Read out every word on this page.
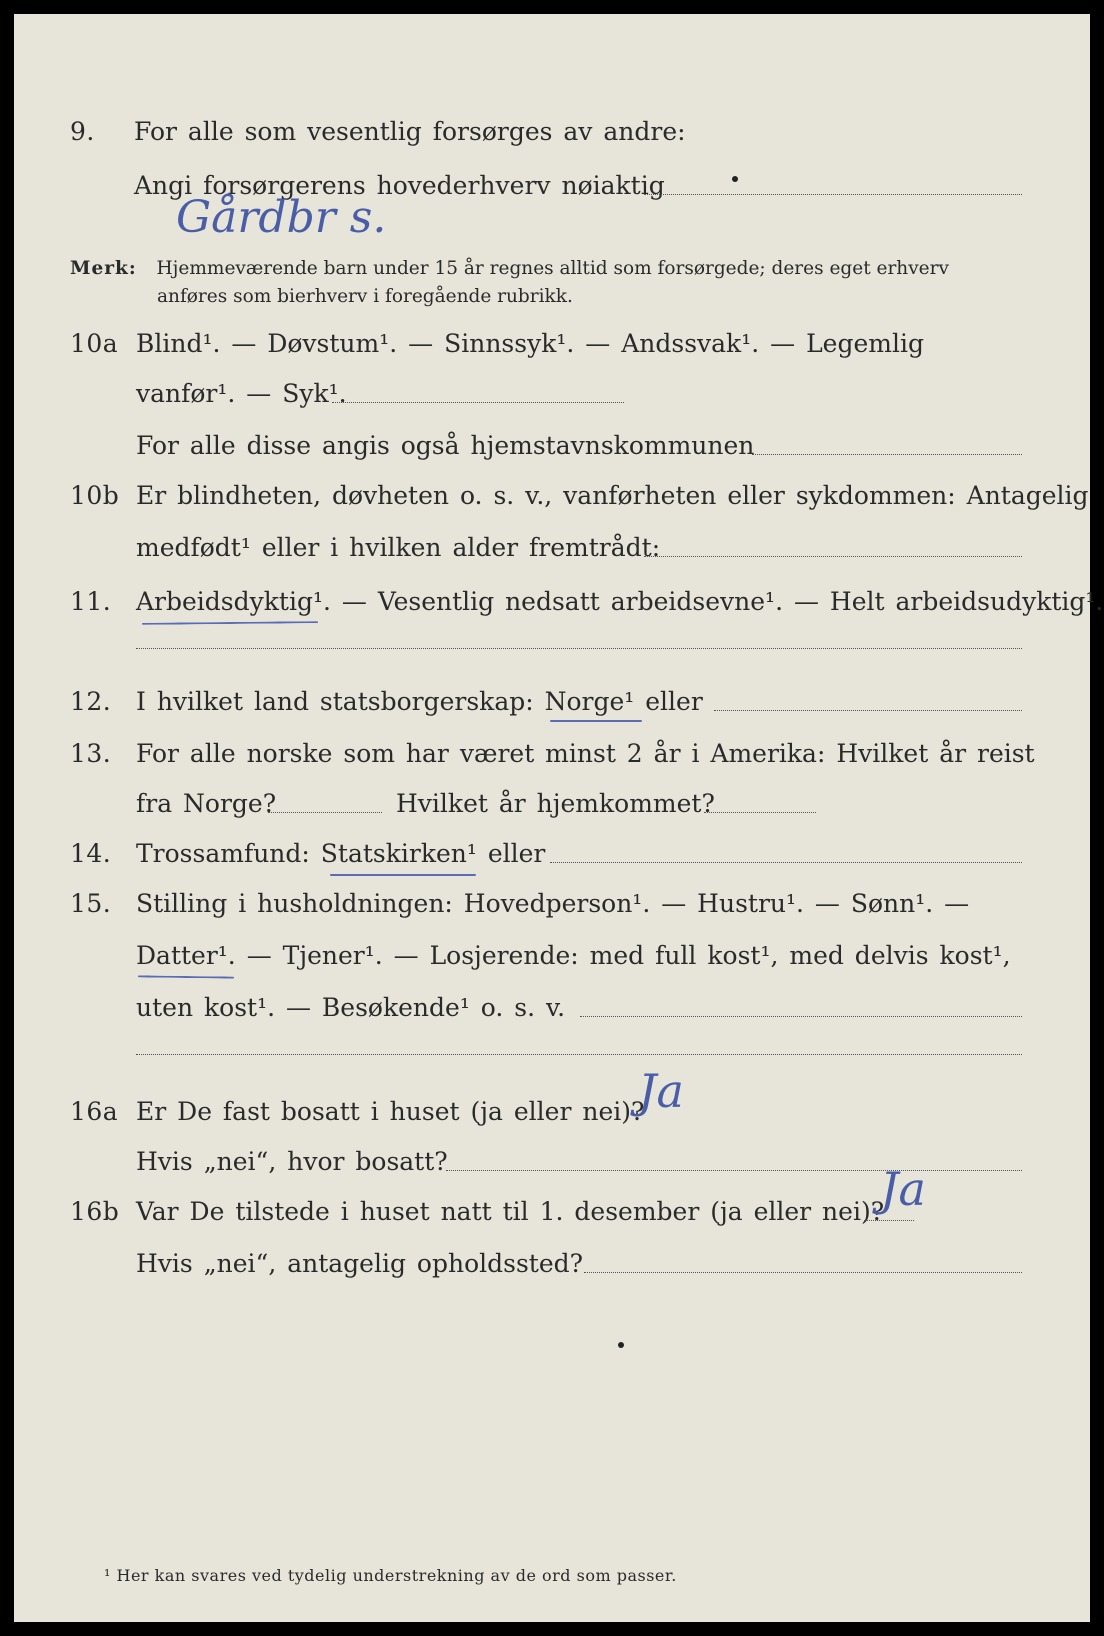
9. For alle som vesentlig forsørges av andre:
Angi forsørgerens hovederhverv nøiaktig
Gårdbr s.
Merk: Hjemmeværende barn under 15 år regnes alltid som forsørgede; deres eget erhverv
anføres som bierhverv i foregående rubrikk.
10a Blind¹. — Døvstum¹. — Sinnssyk¹. — Andssvak¹. — Legemlig
vanfør¹. — Syk¹.
For alle disse angis også hjemstavnskommunen
10b Er blindheten, døvheten o. s. v., vanførheten eller sykdommen: Antagelig
medfødt¹ eller i hvilken alder fremtrådt:
11. Arbeidsdyktig¹. — Vesentlig nedsatt arbeidsevne¹. — Helt arbeidsudyktig¹.
12. I hvilket land statsborgerskap: Norge¹ eller
13. For alle norske som har været minst 2 år i Amerika: Hvilket år reist
fra Norge?	Hvilket år hjemkommet?
14. Trossamfund: Statskirken¹ eller
15. Stilling i husholdningen: Hovedperson¹. — Hustru¹. — Sønn¹. —
Datter¹. — Tjener¹. — Losjerende: med full kost¹, med delvis kost¹,
uten kost¹. — Besøkende¹ o. s. v.
16a Er De fast bosatt i huset (ja eller nei)?
Ja
Hvis „nei“, hvor bosatt?
16b Var De tilstede i huset natt til 1. desember (ja eller nei)?
Ja
Hvis „nei“, antagelig opholdssted?
¹ Her kan svares ved tydelig understrekning av de ord som passer.
